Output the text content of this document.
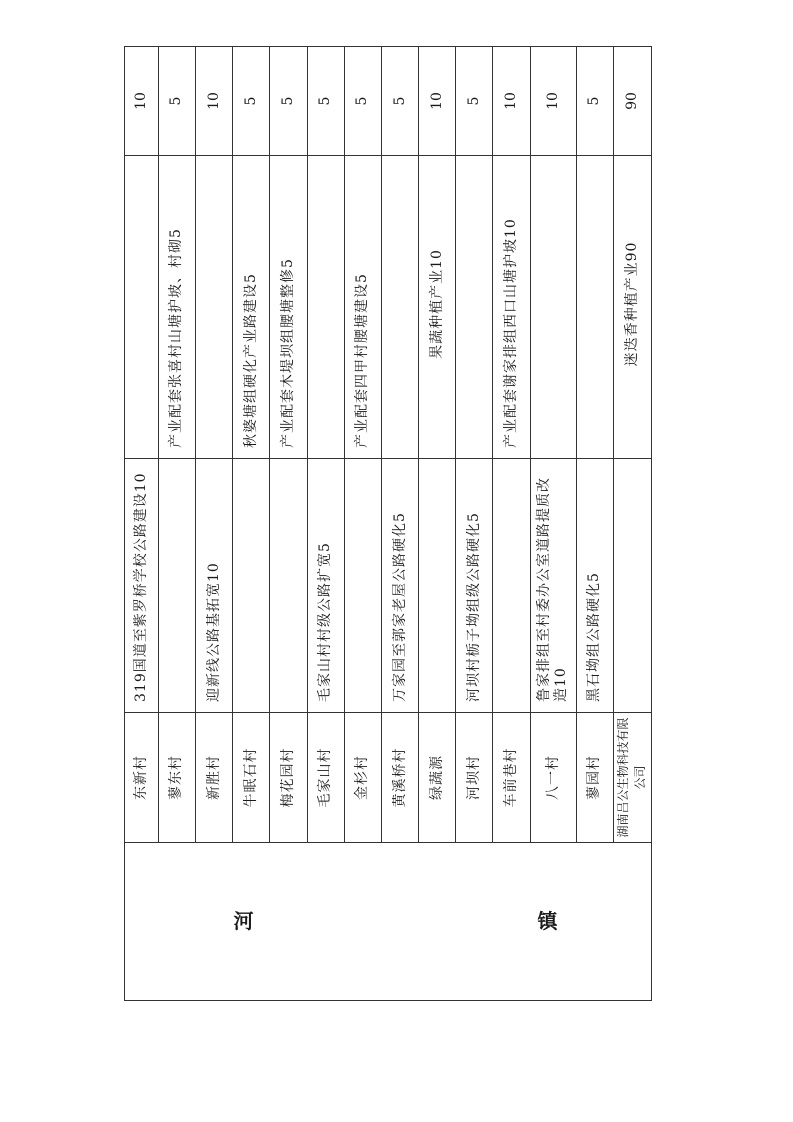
河 镇	东新村	319国道至紫罗桥学校公路建设10		10
	蓼东村		产业配套张喜村山塘护坡、村砌5	5
	新胜村	迎新线公路基拓宽10		10
	牛眠石村		秋婆塘组硬化产业路建设5	5
	梅花园村		产业配套木堤坝组腰塘整修5	5
	毛家山村	毛家山村村级公路扩宽5		5
	金杉村		产业配套四甲村腰塘建设5	5
	黄溪桥村	万家园至郭家老屋公路硬化5		5
	绿蔬源		果蔬种植产业10	10
	河坝村	河坝村栃子坳组级公路硬化5		5
	车前巷村		产业配套谢家排组西口山塘护坡10	10
	八一村	鲁家排组至村委办公室道路提质改造10		10
	蓼园村	黑石坳组公路硬化5		5
	湖南吕公生物科技有限公司		迷迭香种植产业90	90
